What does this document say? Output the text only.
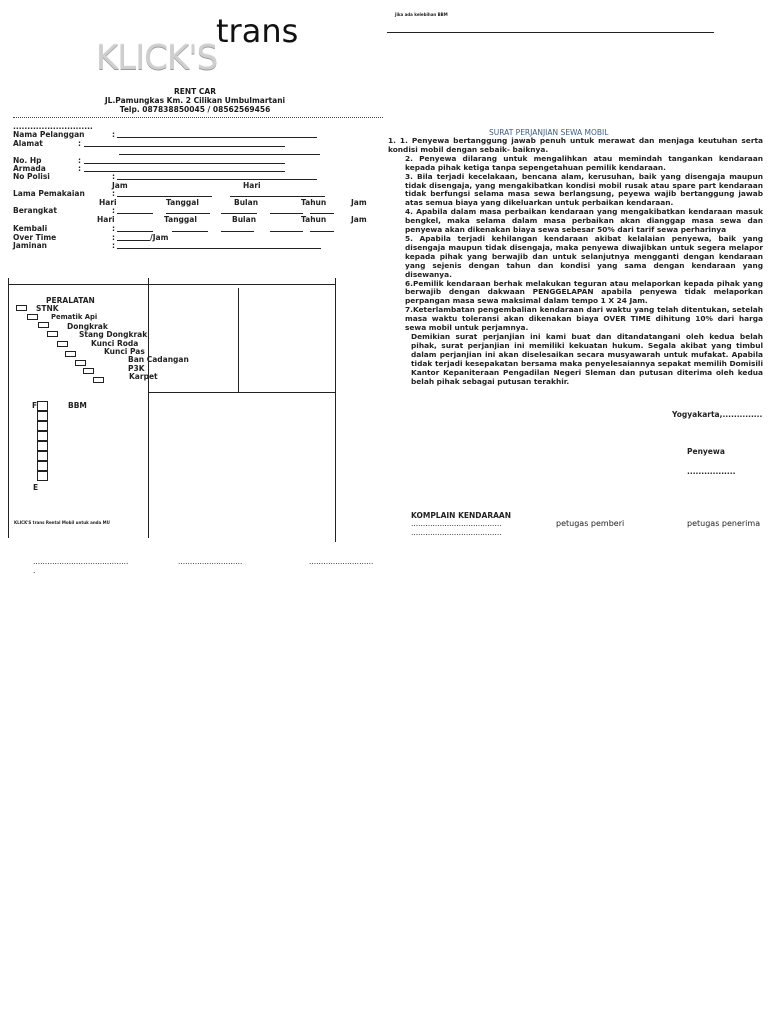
Jika ada kelebihan BBM
KLICK'S
trans
RENT CAR
JL.Pamungkas Km. 2 Cilikan Umbulmartani
Telp. 087838850045 / 08562569456
............................
Nama Pelanggan	:
Alamat	:
No. Hp	:
Armada	:
No Polisi	:
Jam	Hari
Lama Pemakaian	:
Hari	Tanggal	Bulan	Tahun	Jam
Berangkat	:
Hari	Tanggal	Bulan	Tahun	Jam
Kembali	:
Over Time	:	/Jam
Jaminan	:
PERALATAN
STNK
Pematik Api
Dongkrak
Stang Dongkrak
Kunci Roda
Kunci Pas
Ban Cadangan
P3K
Karpet
F	BBM
E
KLICK'S trans Rental Mobil untuk anda MU
SURAT PERJANJIAN SEWA MOBIL

1. 1. Penyewa bertanggung jawab penuh untuk merawat dan menjaga keutuhan serta kondisi mobil dengan sebaik- baiknya.

2. Penyewa dilarang untuk mengalihkan atau memindah tangankan kendaraan kepada pihak ketiga tanpa sepengetahuan pemilik kendaraan.

3. Bila terjadi kecelakaan, bencana alam, kerusuhan, baik yang disengaja maupun tidak disengaja, yang mengakibatkan kondisi mobil rusak atau spare part kendaraan tidak berfungsi selama masa sewa berlangsung, peyewa wajib bertanggung jawab atas semua biaya yang dikeluarkan untuk perbaikan kendaraan.

4. Apabila dalam masa perbaikan kendaraan yang mengakibatkan kendaraan masuk bengkel, maka selama dalam masa perbaikan akan dianggap masa sewa dan penyewa akan dikenakan biaya sewa sebesar 50% dari tarif sewa perharinya

5. Apabila terjadi kehilangan kendaraan akibat kelalaian penyewa, baik yang disengaja maupun tidak disengaja, maka penyewa diwajibkan untuk segera melapor kepada pihak yang berwajib dan untuk selanjutnya mengganti dengan kendaraan yang sejenis dengan tahun dan kondisi yang sama dengan kendaraan yang disewanya.

6.Pemilik kendaraan berhak melakukan teguran atau melaporkan kepada pihak yang berwajib dengan dakwaan PENGGELAPAN apabila penyewa tidak melaporkan perpangan masa sewa maksimal dalam tempo 1 X 24 Jam.

7.Keterlambatan pengembalian kendaraan dari waktu yang telah ditentukan, setelah masa waktu toleransi akan dikenakan biaya OVER TIME dihitung 10% dari harga sewa mobil untuk perjamnya.

Demikian surat perjanjian ini kami buat dan ditandatangani oleh kedua belah pihak, surat perjanjian ini memiliki kekuatan hukum. Segala akibat yang timbul dalam perjanjian ini akan diselesaikan secara musyawarah untuk mufakat. Apabila tidak terjadi kesepakatan bersama maka penyelesaiannya sepakat memilih Domisili Kantor Kepaniteraan Pengadilan Negeri Sleman dan putusan diterima oleh kedua belah pihak sebagai putusan terakhir.
Yogyakarta,..............
Penyewa
.................
KOMPLAIN KENDARAAN
......................................
......................................
petugas pemberi	petugas penerima
........................................
.
...........................	...........................
